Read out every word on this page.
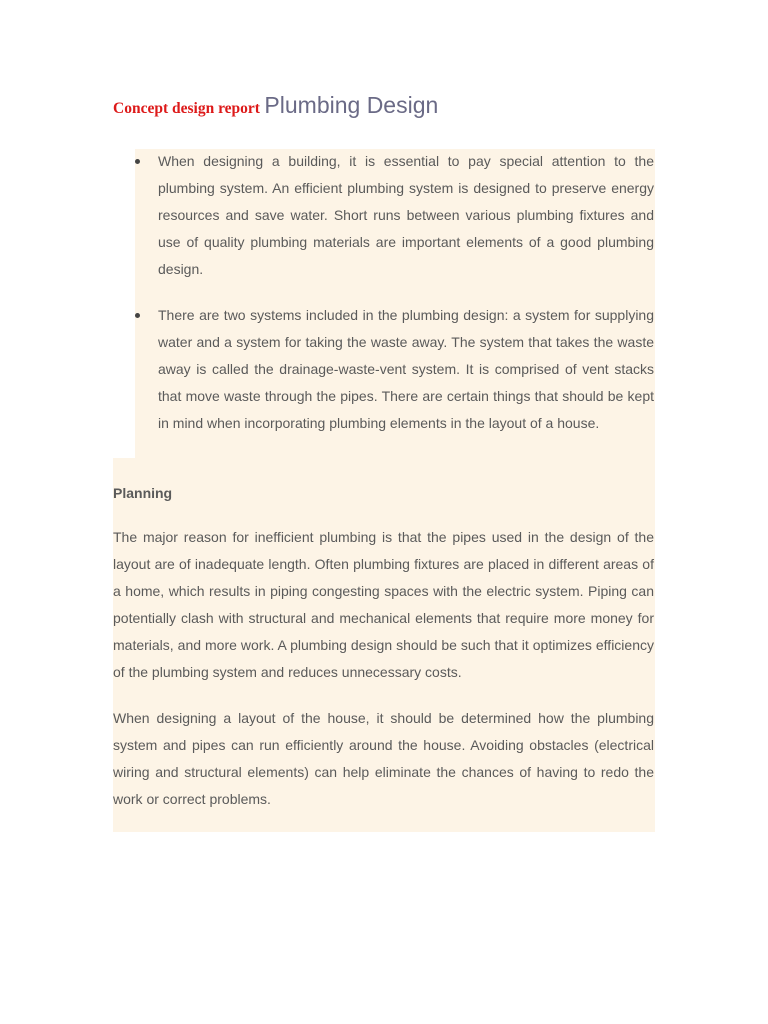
Concept design report Plumbing Design
When designing a building, it is essential to pay special attention to the plumbing system. An efficient plumbing system is designed to preserve energy resources and save water. Short runs between various plumbing fixtures and use of quality plumbing materials are important elements of a good plumbing design.
There are two systems included in the plumbing design: a system for supplying water and a system for taking the waste away. The system that takes the waste away is called the drainage-waste-vent system. It is comprised of vent stacks that move waste through the pipes. There are certain things that should be kept in mind when incorporating plumbing elements in the layout of a house.
Planning

The major reason for inefficient plumbing is that the pipes used in the design of the layout are of inadequate length. Often plumbing fixtures are placed in different areas of a home, which results in piping congesting spaces with the electric system. Piping can potentially clash with structural and mechanical elements that require more money for materials, and more work. A plumbing design should be such that it optimizes efficiency of the plumbing system and reduces unnecessary costs.

When designing a layout of the house, it should be determined how the plumbing system and pipes can run efficiently around the house. Avoiding obstacles (electrical wiring and structural elements) can help eliminate the chances of having to redo the work or correct problems.
